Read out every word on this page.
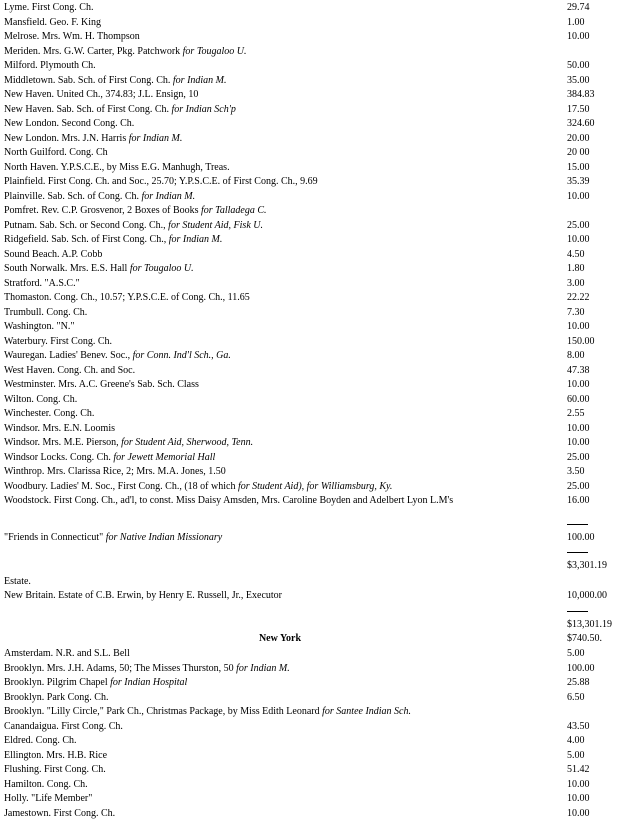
Lyme. First Cong. Ch.	29.74
Mansfield. Geo. F. King	1.00
Melrose. Mrs. Wm. H. Thompson	10.00
Meriden. Mrs. G.W. Carter, Pkg. Patchwork for Tougaloo U.
Milford. Plymouth Ch.	50.00
Middletown. Sab. Sch. of First Cong. Ch. for Indian M.	35.00
New Haven. United Ch., 374.83; J.L. Ensign, 10	384.83
New Haven. Sab. Sch. of First Cong. Ch. for Indian Sch'p	17.50
New London. Second Cong. Ch.	324.60
New London. Mrs. J.N. Harris for Indian M.	20.00
North Guilford. Cong. Ch	20 00
North Haven. Y.P.S.C.E., by Miss E.G. Manhugh, Treas.	15.00
Plainfield. First Cong. Ch. and Soc., 25.70; Y.P.S.C.E. of First Cong. Ch., 9.69	35.39
Plainville. Sab. Sch. of Cong. Ch. for Indian M.	10.00
Pomfret. Rev. C.P. Grosvenor, 2 Boxes of Books for Talladega C.
Putnam. Sab. Sch. or Second Cong. Ch., for Student Aid, Fisk U.	25.00
Ridgefield. Sab. Sch. of First Cong. Ch., for Indian M.	10.00
Sound Beach. A.P. Cobb	4.50
South Norwalk. Mrs. E.S. Hall for Tougaloo U.	1.80
Stratford. "A.S.C."	3.00
Thomaston. Cong. Ch., 10.57; Y.P.S.C.E. of Cong. Ch., 11.65	22.22
Trumbull. Cong. Ch.	7.30
Washington. "N."	10.00
Waterbury. First Cong. Ch.	150.00
Wauregan. Ladies' Benev. Soc., for Conn. Ind'l Sch., Ga.	8.00
West Haven. Cong. Ch. and Soc.	47.38
Westminster. Mrs. A.C. Greene's Sab. Sch. Class	10.00
Wilton. Cong. Ch.	60.00
Winchester. Cong. Ch.	2.55
Windsor. Mrs. E.N. Loomis	10.00
Windsor. Mrs. M.E. Pierson, for Student Aid, Sherwood, Tenn.	10.00
Windsor Locks. Cong. Ch. for Jewett Memorial Hall	25.00
Winthrop. Mrs. Clarissa Rice, 2; Mrs. M.A. Jones, 1.50	3.50
Woodbury. Ladies' M. Soc., First Cong. Ch., (18 of which for Student Aid), for Williamsburg, Ky.	25.00
Woodstock. First Cong. Ch., ad'l, to const. Miss Daisy Amsden, Mrs. Caroline Boyden and Adelbert Lyon L.M's	16.00
"Friends in Connecticut" for Native Indian Missionary	100.00
$3,301.19
Estate.
New Britain. Estate of C.B. Erwin, by Henry E. Russell, Jr., Executor	10,000.00
$13,301.19
New York	$740.50.
Amsterdam. N.R. and S.L. Bell	5.00
Brooklyn. Mrs. J.H. Adams, 50; The Misses Thurston, 50 for Indian M.	100.00
Brooklyn. Pilgrim Chapel for Indian Hospital	25.88
Brooklyn. Park Cong. Ch.	6.50
Brooklyn. "Lilly Circle," Park Ch., Christmas Package, by Miss Edith Leonard for Santee Indian Sch.
Canandaigua. First Cong. Ch.	43.50
Eldred. Cong. Ch.	4.00
Ellington. Mrs. H.B. Rice	5.00
Flushing. First Cong. Ch.	51.42
Hamilton. Cong. Ch.	10.00
Holly. "Life Member"	10.00
Jamestown. First Cong. Ch.	10.00
